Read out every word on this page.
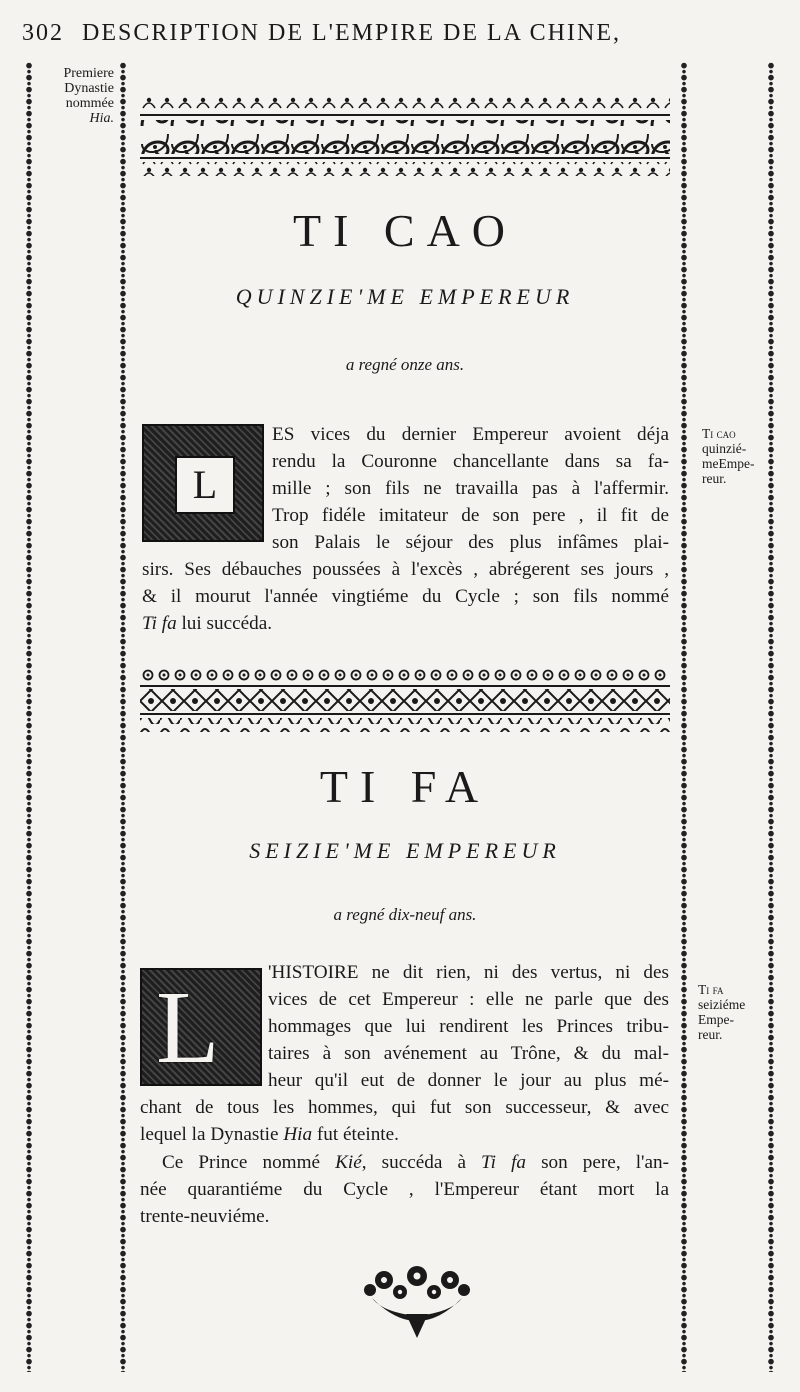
302 DESCRIPTION DE L'EMPIRE DE LA CHINE,
Premiere
Dynastie
nommée
Hia.
TI CAO
QUINZIE'ME EMPEREUR
a regné onze ans.
L
Ti cao
quinzié-
meEmpe-
reur.
ES vices du dernier Empereur avoient déja
rendu la Couronne chancellante dans sa fa-
mille ; son fils ne travailla pas à l'affermir.
Trop fidéle imitateur de son pere , il fit de
son Palais le séjour des plus infâmes plai-
sirs. Ses débauches poussées à l'excès , abrégerent ses jours ,
& il mourut l'année vingtiéme du Cycle ; son fils nommé
Ti fa lui succéda.
TI FA
SEIZIE'ME EMPEREUR
a regné dix-neuf ans.
L	Ti fa
seiziéme
Empe-
reur.
'HISTOIRE ne dit rien, ni des vertus, ni des
vices de cet Empereur : elle ne parle que des
hommages que lui rendirent les Princes tribu-
taires à son avénement au Trône, & du mal-
heur qu'il eut de donner le jour au plus mé-
chant de tous les hommes, qui fut son successeur, & avec
lequel la Dynastie Hia fut éteinte.
Ce Prince nommé Kié, succéda à Ti fa son pere, l'an-
née quarantiéme du Cycle , l'Empereur étant mort la
trente-neuviéme.
